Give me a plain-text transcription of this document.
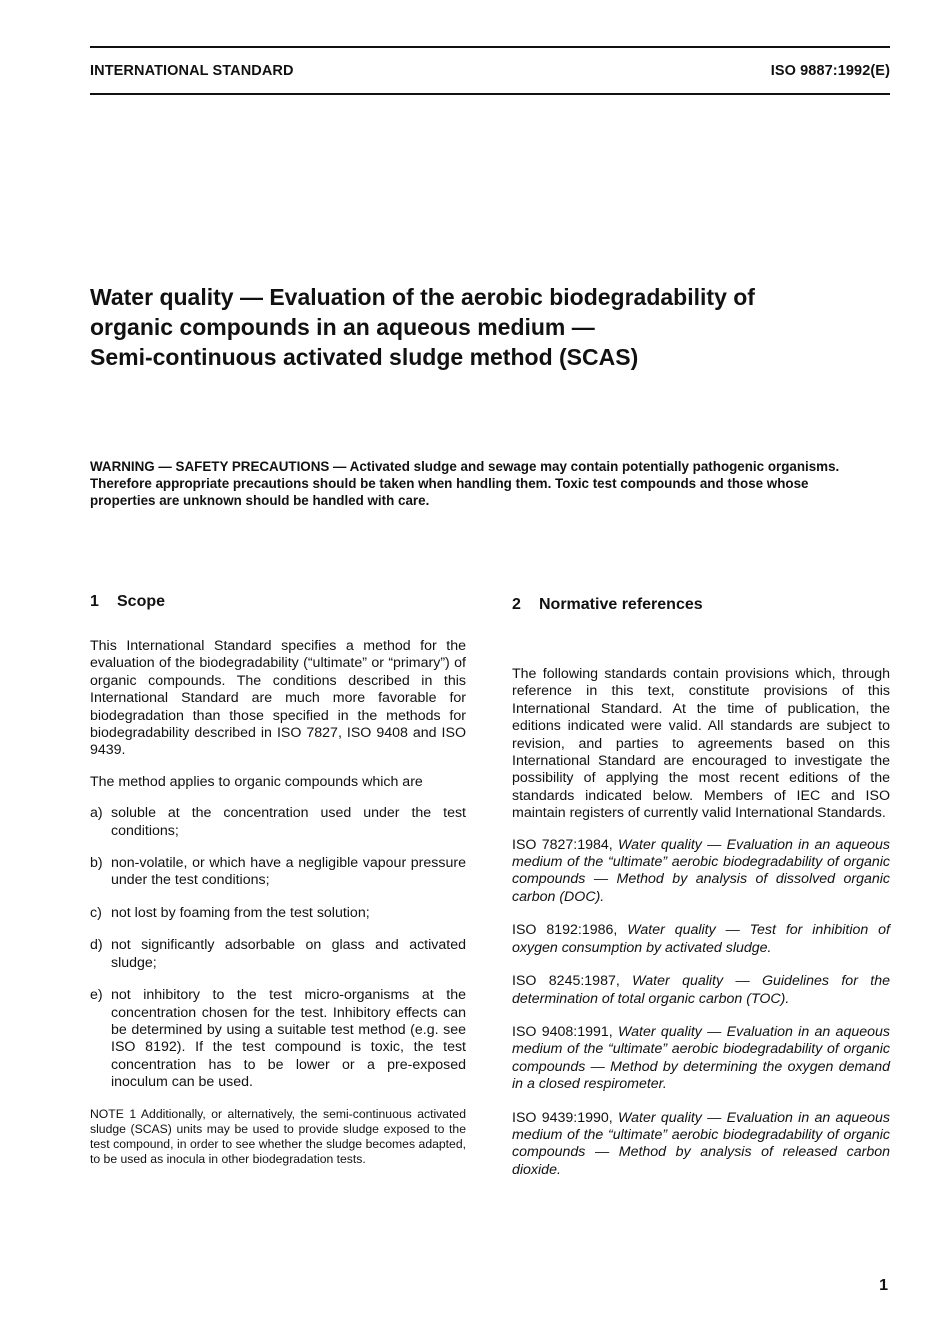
INTERNATIONAL STANDARD	ISO 9887:1992(E)
Water quality — Evaluation of the aerobic biodegradability of
organic compounds in an aqueous medium —
Semi-continuous activated sludge method (SCAS)
WARNING — SAFETY PRECAUTIONS — Activated sludge and sewage may contain potentially pathogenic organisms. Therefore appropriate precautions should be taken when handling them. Toxic test compounds and those whose properties are unknown should be handled with care.
1 Scope

This International Standard specifies a method for the evaluation of the biodegradability (“ultimate” or “primary”) of organic compounds. The conditions described in this International Standard are much more favorable for biodegradation than those specified in the methods for biodegradability described in ISO 7827, ISO 9408 and ISO 9439.

The method applies to organic compounds which are

a) soluble at the concentration used under the test conditions;
b) non-volatile, or which have a negligible vapour pressure under the test conditions;
c) not lost by foaming from the test solution;
d) not significantly adsorbable on glass and activated sludge;
e) not inhibitory to the test micro-organisms at the concentration chosen for the test. Inhibitory effects can be determined by using a suitable test method (e.g. see ISO 8192). If the test compound is toxic, the test concentration has to be lower or a pre-exposed inoculum can be used.

NOTE 1 Additionally, or alternatively, the semi-continuous activated sludge (SCAS) units may be used to provide sludge exposed to the test compound, in order to see whether the sludge becomes adapted, to be used as inocula in other biodegradation tests.

2 Normative references

The following standards contain provisions which, through reference in this text, constitute provisions of this International Standard. At the time of publication, the editions indicated were valid. All standards are subject to revision, and parties to agreements based on this International Standard are encouraged to investigate the possibility of applying the most recent editions of the standards indicated below. Members of IEC and ISO maintain registers of currently valid International Standards.

ISO 7827:1984, Water quality — Evaluation in an aqueous medium of the “ultimate” aerobic biodegradability of organic compounds — Method by analysis of dissolved organic carbon (DOC).
ISO 8192:1986, Water quality — Test for inhibition of oxygen consumption by activated sludge.
ISO 8245:1987, Water quality — Guidelines for the determination of total organic carbon (TOC).
ISO 9408:1991, Water quality — Evaluation in an aqueous medium of the “ultimate” aerobic biodegradability of organic compounds — Method by determining the oxygen demand in a closed respirometer.
ISO 9439:1990, Water quality — Evaluation in an aqueous medium of the “ultimate” aerobic biodegradability of organic compounds — Method by analysis of released carbon dioxide.
1
